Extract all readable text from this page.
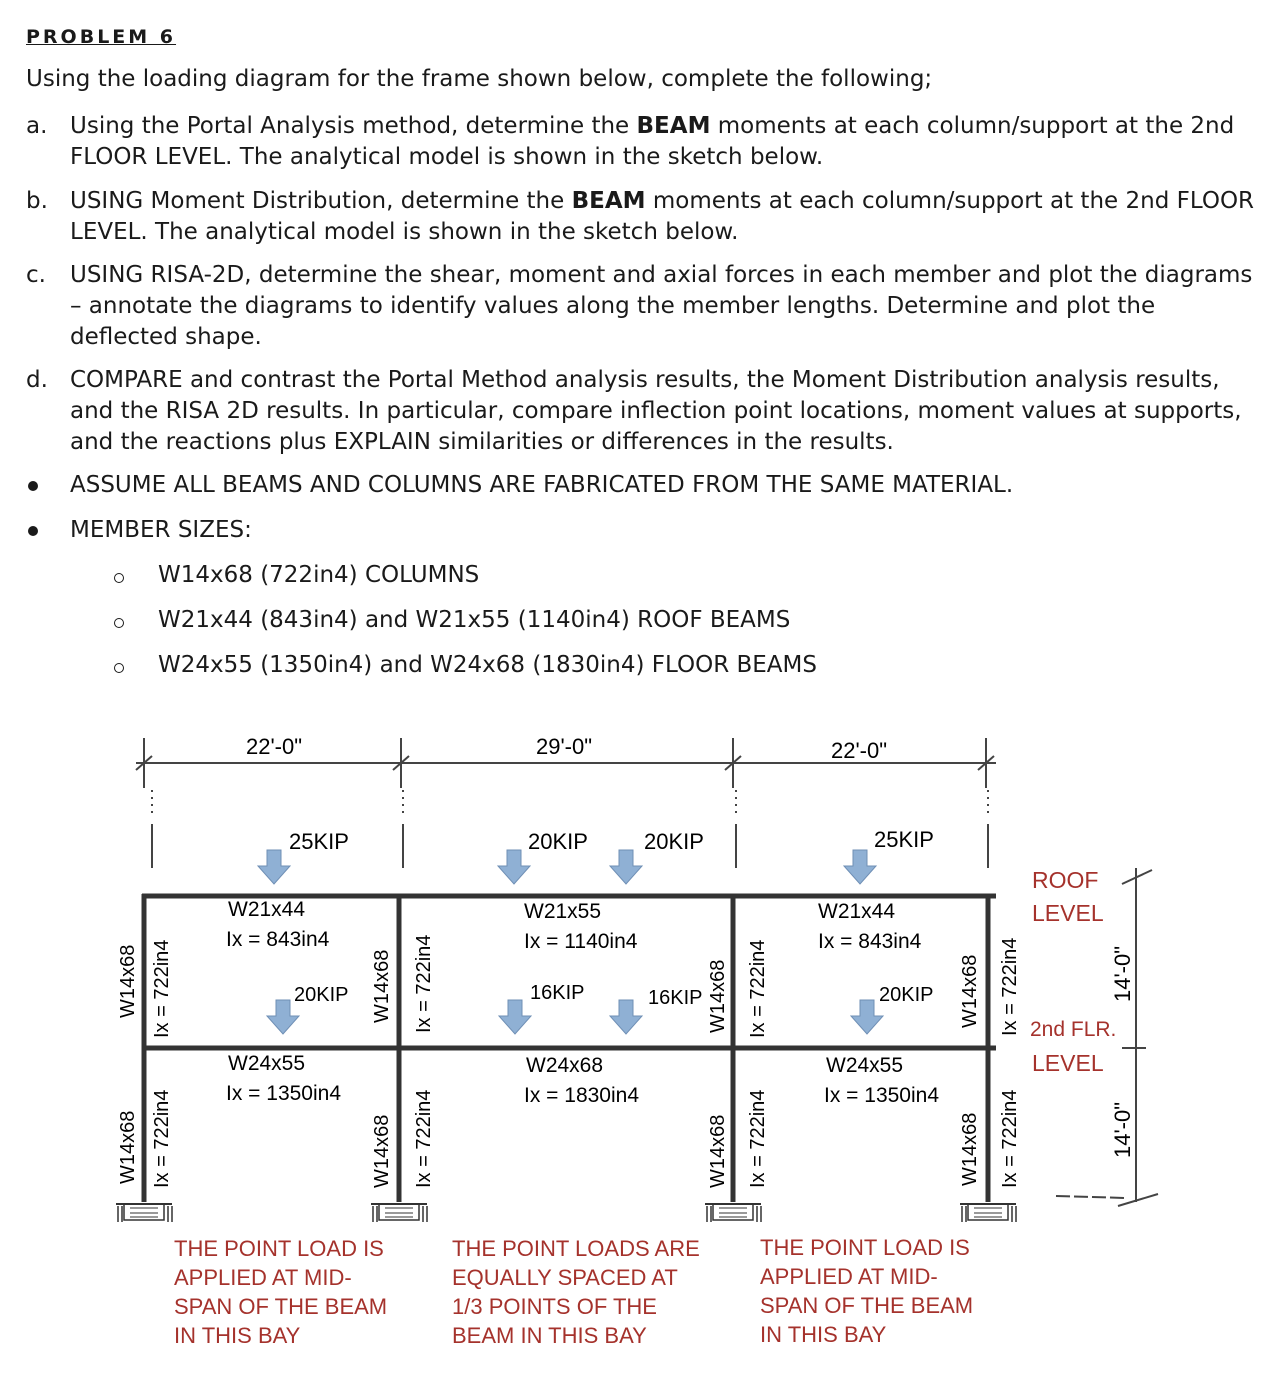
PROBLEM 6
Using the loading diagram for the frame shown below, complete the following;
a. Using the Portal Analysis method, determine the BEAM moments at each column/support at the 2nd FLOOR LEVEL. The analytical model is shown in the sketch below.
b. USING Moment Distribution, determine the BEAM moments at each column/support at the 2nd FLOOR LEVEL. The analytical model is shown in the sketch below.
c. USING RISA-2D, determine the shear, moment and axial forces in each member and plot the diagrams – annotate the diagrams to identify values along the member lengths. Determine and plot the deflected shape.
d. COMPARE and contrast the Portal Method analysis results, the Moment Distribution analysis results, and the RISA 2D results. In particular, compare inflection point locations, moment values at supports, and the reactions plus EXPLAIN similarities or differences in the results.
ASSUME ALL BEAMS AND COLUMNS ARE FABRICATED FROM THE SAME MATERIAL.
MEMBER SIZES:
W14x68 (722in4) COLUMNS
W21x44 (843in4) and W21x55 (1140in4) ROOF BEAMS
W24x55 (1350in4) and W24x68 (1830in4) FLOOR BEAMS
22'-0"	29'-0"	22'-0"
25KIP	20KIP	20KIP	25KIP
20KIP	16KIP	16KIP	20KIP
W21x44
Ix = 843in4
W21x55
Ix = 1140in4
W21x44
Ix = 843in4
W24x55
Ix = 1350in4
W24x68
Ix = 1830in4
W24x55
Ix = 1350in4
W14x68 Ix = 722in4
W14x68 Ix = 722in4
W14x68 Ix = 722in4
W14x68 Ix = 722in4
W14x68 Ix = 722in4
W14x68 Ix = 722in4
W14x68 Ix = 722in4
W14x68 Ix = 722in4
ROOF
LEVEL
2nd FLR.
LEVEL
14'-0"
14'-0"
THE POINT LOAD IS
APPLIED AT MID-
SPAN OF THE BEAM
IN THIS BAY
THE POINT LOADS ARE
EQUALLY SPACED AT
1/3 POINTS OF THE
BEAM IN THIS BAY
THE POINT LOAD IS
APPLIED AT MID-
SPAN OF THE BEAM
IN THIS BAY
